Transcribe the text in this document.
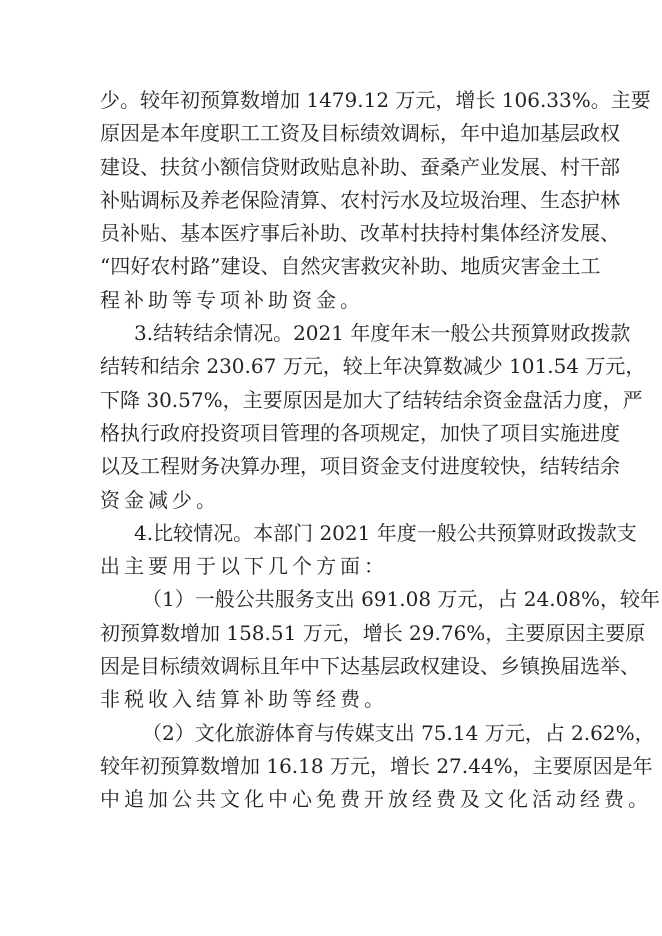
少。较年初预算数增加 1479.12 万元，增长 106.33%。主要
原因是本年度职工工资及目标绩效调标，年中追加基层政权
建设、扶贫小额信贷财政贴息补助、蚕桑产业发展、村干部
补贴调标及养老保险清算、农村污水及垃圾治理、生态护林
员补贴、基本医疗事后补助、改革村扶持村集体经济发展、
“四好农村路”建设、自然灾害救灾补助、地质灾害金土工
程补助等专项补助资金。
3.结转结余情况。2021 年度年末一般公共预算财政拨款
结转和结余 230.67 万元，较上年决算数减少 101.54 万元，
下降 30.57%，主要原因是加大了结转结余资金盘活力度，严
格执行政府投资项目管理的各项规定，加快了项目实施进度
以及工程财务决算办理，项目资金支付进度较快，结转结余
资金减少。
4.比较情况。本部门 2021 年度一般公共预算财政拨款支
出主要用于以下几个方面：
（1）一般公共服务支出 691.08 万元，占 24.08%，较年
初预算数增加 158.51 万元，增长 29.76%，主要原因主要原
因是目标绩效调标且年中下达基层政权建设、乡镇换届选举、
非税收入结算补助等经费。
（2）文化旅游体育与传媒支出 75.14 万元，占 2.62%，
较年初预算数增加 16.18 万元，增长 27.44%，主要原因是年
中追加公共文化中心免费开放经费及文化活动经费。
